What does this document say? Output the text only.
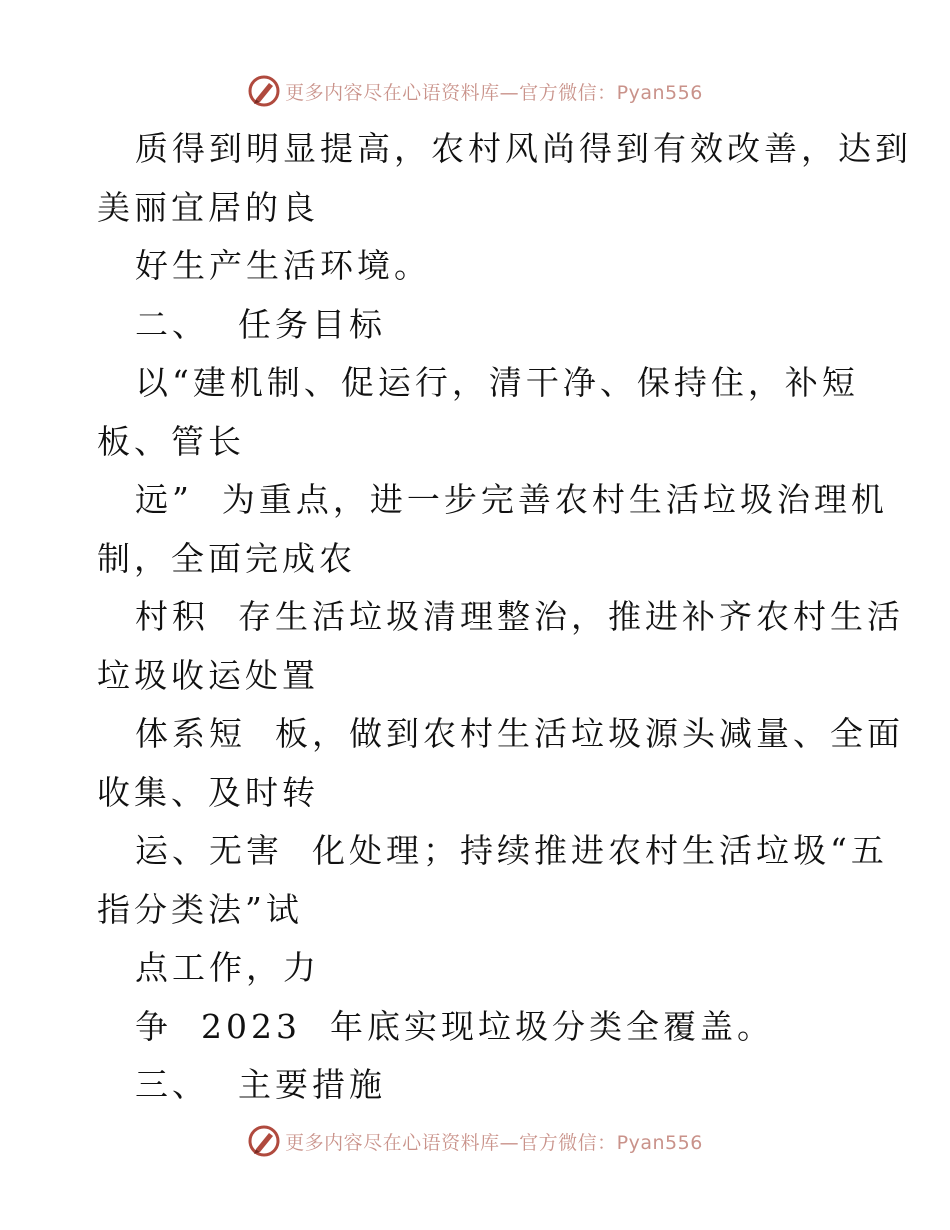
更多内容尽在心语资料库—官方微信：Pyan556
质得到明显提高，农村风尚得到有效改善，达到
美丽宜居的良
好生产生活环境。
二、  任务目标
以“建机制、促运行，清干净、保持住，补短
板、管长
远”  为重点，进一步完善农村生活垃圾治理机
制，全面完成农
村积  存生活垃圾清理整治，推进补齐农村生活
垃圾收运处置
体系短  板，做到农村生活垃圾源头减量、全面
收集、及时转
运、无害  化处理；持续推进农村生活垃圾“五
指分类法”试
点工作，力
争  2023  年底实现垃圾分类全覆盖。
三、  主要措施
更多内容尽在心语资料库—官方微信：Pyan556
